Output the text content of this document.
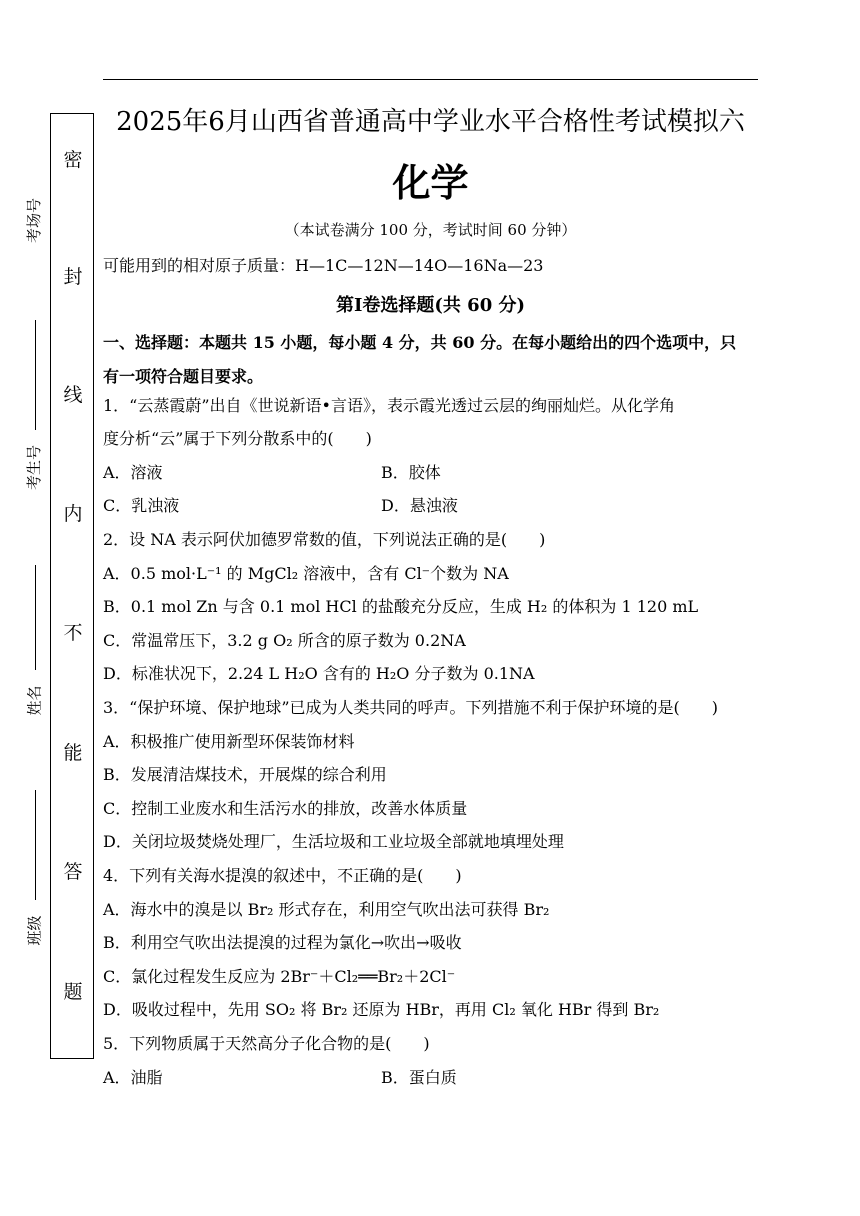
密
封
线
内
不
能
答
题
考场号
考生号
姓名
班级
2025年6月山西省普通高中学业水平合格性考试模拟六
化学
（本试卷满分 100 分，考试时间 60 分钟）
可能用到的相对原子质量：H—1C—12N—14O—16Na—23
第Ⅰ卷选择题(共 60 分)
一、选择题：本题共 15 小题，每小题 4 分，共 60 分。在每小题给出的四个选项中，只
有一项符合题目要求。
1．“云蒸霞蔚”出自《世说新语•言语》，表示霞光透过云层的绚丽灿烂。从化学角
度分析“云”属于下列分散系中的(　　)
A．溶液	B．胶体
C．乳浊液	D．悬浊液
2．设 NA 表示阿伏加德罗常数的值，下列说法正确的是(　　)
A．0.5 mol·L⁻¹ 的 MgCl₂ 溶液中，含有 Cl⁻个数为 NA
B．0.1 mol Zn 与含 0.1 mol HCl 的盐酸充分反应，生成 H₂ 的体积为 1 120 mL
C．常温常压下，3.2 g O₂ 所含的原子数为 0.2NA
D．标准状况下，2.24 L H₂O 含有的 H₂O 分子数为 0.1NA
3．“保护环境、保护地球”已成为人类共同的呼声。下列措施不利于保护环境的是(　　)
A．积极推广使用新型环保装饰材料
B．发展清洁煤技术，开展煤的综合利用
C．控制工业废水和生活污水的排放，改善水体质量
D．关闭垃圾焚烧处理厂，生活垃圾和工业垃圾全部就地填埋处理
4．下列有关海水提溴的叙述中，不正确的是(　　)
A．海水中的溴是以 Br₂ 形式存在，利用空气吹出法可获得 Br₂
B．利用空气吹出法提溴的过程为氯化→吹出→吸收
C．氯化过程发生反应为 2Br⁻＋Cl₂══Br₂＋2Cl⁻
D．吸收过程中，先用 SO₂ 将 Br₂ 还原为 HBr，再用 Cl₂ 氧化 HBr 得到 Br₂
5．下列物质属于天然高分子化合物的是(　　)
A．油脂	B．蛋白质
